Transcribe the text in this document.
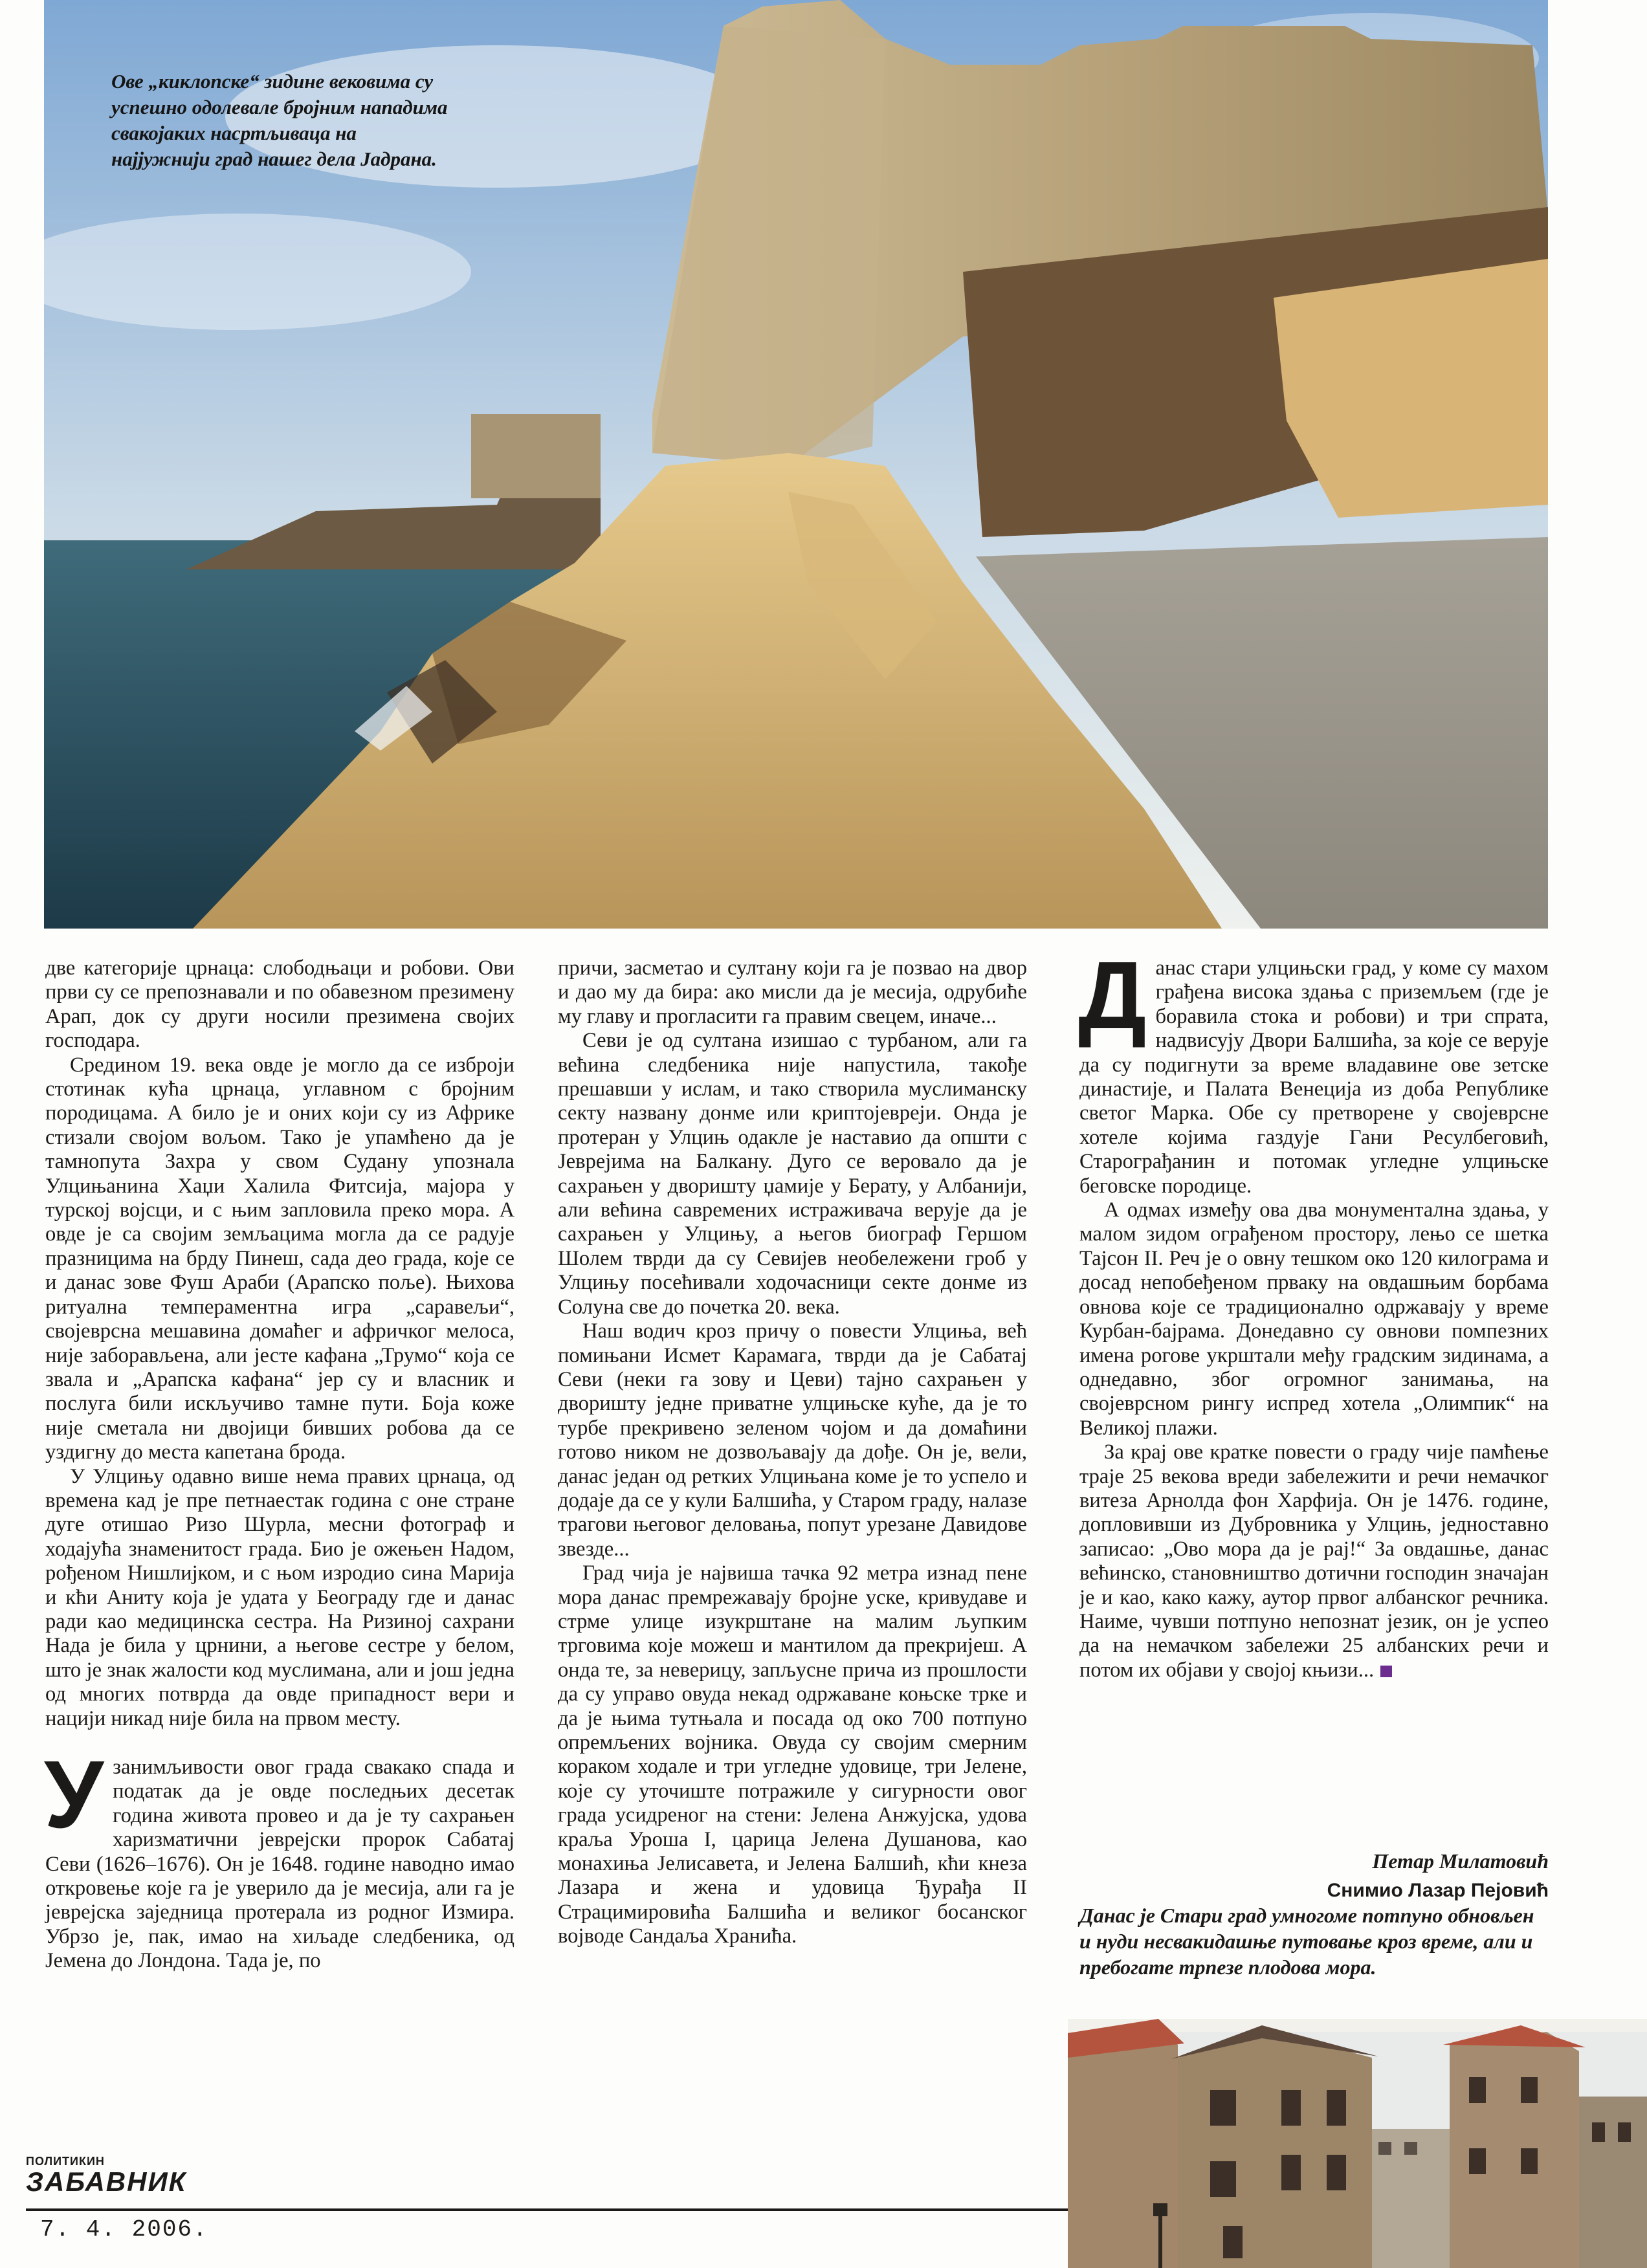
Ове „киклопске“ зидине вековима су успешно одолевале бројним нападима свакојаких насртљиваца на најјужнији град нашег дела Јадрана.

две категорије црнаца: слободњаци и робови. Ови први су се препознавали и по обавезном презимену Арап, док су други носили презимена својих господара.

Средином 19. века овде је могло да се изброји стотинак кућа црнаца, углавном с бројним породицама. А било је и оних који су из Африке стизали својом вољом. Тако је упамћено да је тамнопута Захра у свом Судану упознала Улцињанина Хаџи Халила Фитсија, мајора у турској војсци, и с њим запловила преко мора. А овде је са својим земљацима могла да се радује празницима на брду Пинеш, сада део града, које се и данас зове Фуш Араби (Арапско поље). Њихова ритуална темпераментна игра „саравељи“, својеврсна мешавина домаћег и афричког мелоса, није заборављена, али јесте кафана „Трумо“ која се звала и „Арапска кафана“ јер су и власник и послуга били искључиво тамне пути. Боја коже није сметала ни двојици бивших робова да се уздигну до места капетана брода.

У Улцињу одавно више нема правих црнаца, од времена кад је пре петнаестак година с оне стране дуге отишао Ризо Шурла, месни фотограф и ходајућа знаменитост града. Био је ожењен Надом, рођеном Нишлијком, и с њом изродио сина Марија и кћи Аниту која је удата у Београду где и данас ради као медицинска сестра. На Ризиној сахрани Нада је била у црнини, а његове сестре у белом, што је знак жалости код муслимана, али и још једна од многих потврда да овде припадност вери и нацији никад није била на првом месту.

Узанимљивости овог града свакако спада и податак да је овде последњих десетак година живота провео и да је ту сахрањен харизматични јеврејски пророк Сабатај Севи (1626–1676). Он је 1648. године наводно имао откровење које га је уверило да је месија, али га је јеврејска заједница протерала из родног Измира. Убрзо је, пак, имао на хиљаде следбеника, од Јемена до Лондона. Тада је, по

причи, засметао и султану који га је позвао на двор и дао му да бира: ако мисли да је месија, одрубиће му главу и прогласити га правим свецем, иначе...

Севи је од султана изишао с турбаном, али га већина следбеника није напустила, такође прешавши у ислам, и тако створила муслиманску секту названу донме или криптојевреји. Онда је протеран у Улцињ одакле је наставио да општи с Јеврејима на Балкану. Дуго се веровало да је сахрањен у дворишту џамије у Берату, у Албанији, али већина савремених истраживача верује да је сахрањен у Улцињу, а његов биограф Гершом Шолем тврди да су Севијев необележени гроб у Улцињу посећивали ходочасници секте донме из Солуна све до почетка 20. века.

Наш водич кроз причу о повести Улциња, већ помињани Исмет Карамага, тврди да је Сабатај Севи (неки га зову и Цеви) тајно сахрањен у дворишту једне приватне улцињске куће, да је то турбе прекривено зеленом чојом и да домаћини готово ником не дозвољавају да дође. Он је, вели, данас један од ретких Улцињана коме је то успело и додаје да се у кули Балшића, у Старом граду, налазе трагови његовог деловања, попут урезане Давидове звезде...

Град чија је највиша тачка 92 метра изнад пене мора данас премрежавају бројне уске, кривудаве и стрме улице изукрштане на малим љупким трговима које можеш и мантилом да прекријеш. А онда те, за неверицу, запљусне прича из прошлости да су управо овуда некад одржаване коњске трке и да је њима тутњала и посада од око 700 потпуно опремљених војника. Овуда су својим смерним кораком ходале и три угледне удовице, три Јелене, које су уточиште потражиле у сигурности овог града усидреног на стени: Јелена Анжујска, удова краља Уроша I, царица Јелена Душанова, као монахиња Јелисавета, и Јелена Балшић, кћи кнеза Лазара и жена и удовица Ђурађа II Страцимировића Балшића и великог босанског војводе Сандаља Хранића.

Данас стари улцињски град, у коме су махом грађена висока здања с приземљем (где је боравила стока и робови) и три спрата, надвисују Двори Балшића, за које се верује да су подигнути за време владавине ове зетске династије, и Палата Венеција из доба Републике светог Марка. Обе су претворене у својеврсне хотеле којима газдује Гани Ресулбеговић, Старограђанин и потомак угледне улцињске беговске породице.

А одмах између ова два монументална здања, у малом зидом ограђеном простору, лењо се шетка Тајсон II. Реч је о овну тешком око 120 килограма и досад непобеђеном прваку на овдашњим борбама овнова које се традиционално одржавају у време Курбан-бајрама. Донедавно су овнови помпезних имена рогове укрштали међу градским зидинама, а однедавно, због огромног занимања, на својеврсном рингу испред хотела „Олимпик“ на Великој плажи.

За крај ове кратке повести о граду чије памћење траје 25 векова вреди забележити и речи немачког витеза Арнолда фон Харфија. Он је 1476. године, допловивши из Дубровника у Улцињ, једноставно записао: „Ово мора да је рај!“ За овдашње, данас већинско, становништво дотични господин значајан је и као, како кажу, аутор првог албанског речника. Наиме, чувши потпуно непознат језик, он је успео да на немачком забележи 25 албанских речи и потом их објави у својој књизи...

Петар Милатовић
Снимио Лазар Пејовић
Данас је Стари град умногоме потпуно обновљен и нуди несвакидашње путовање кроз време, али и пребогате трпезе плодова мора.
ПОЛИТИКИН
ЗАБАВНИК
7. 4. 2006.
